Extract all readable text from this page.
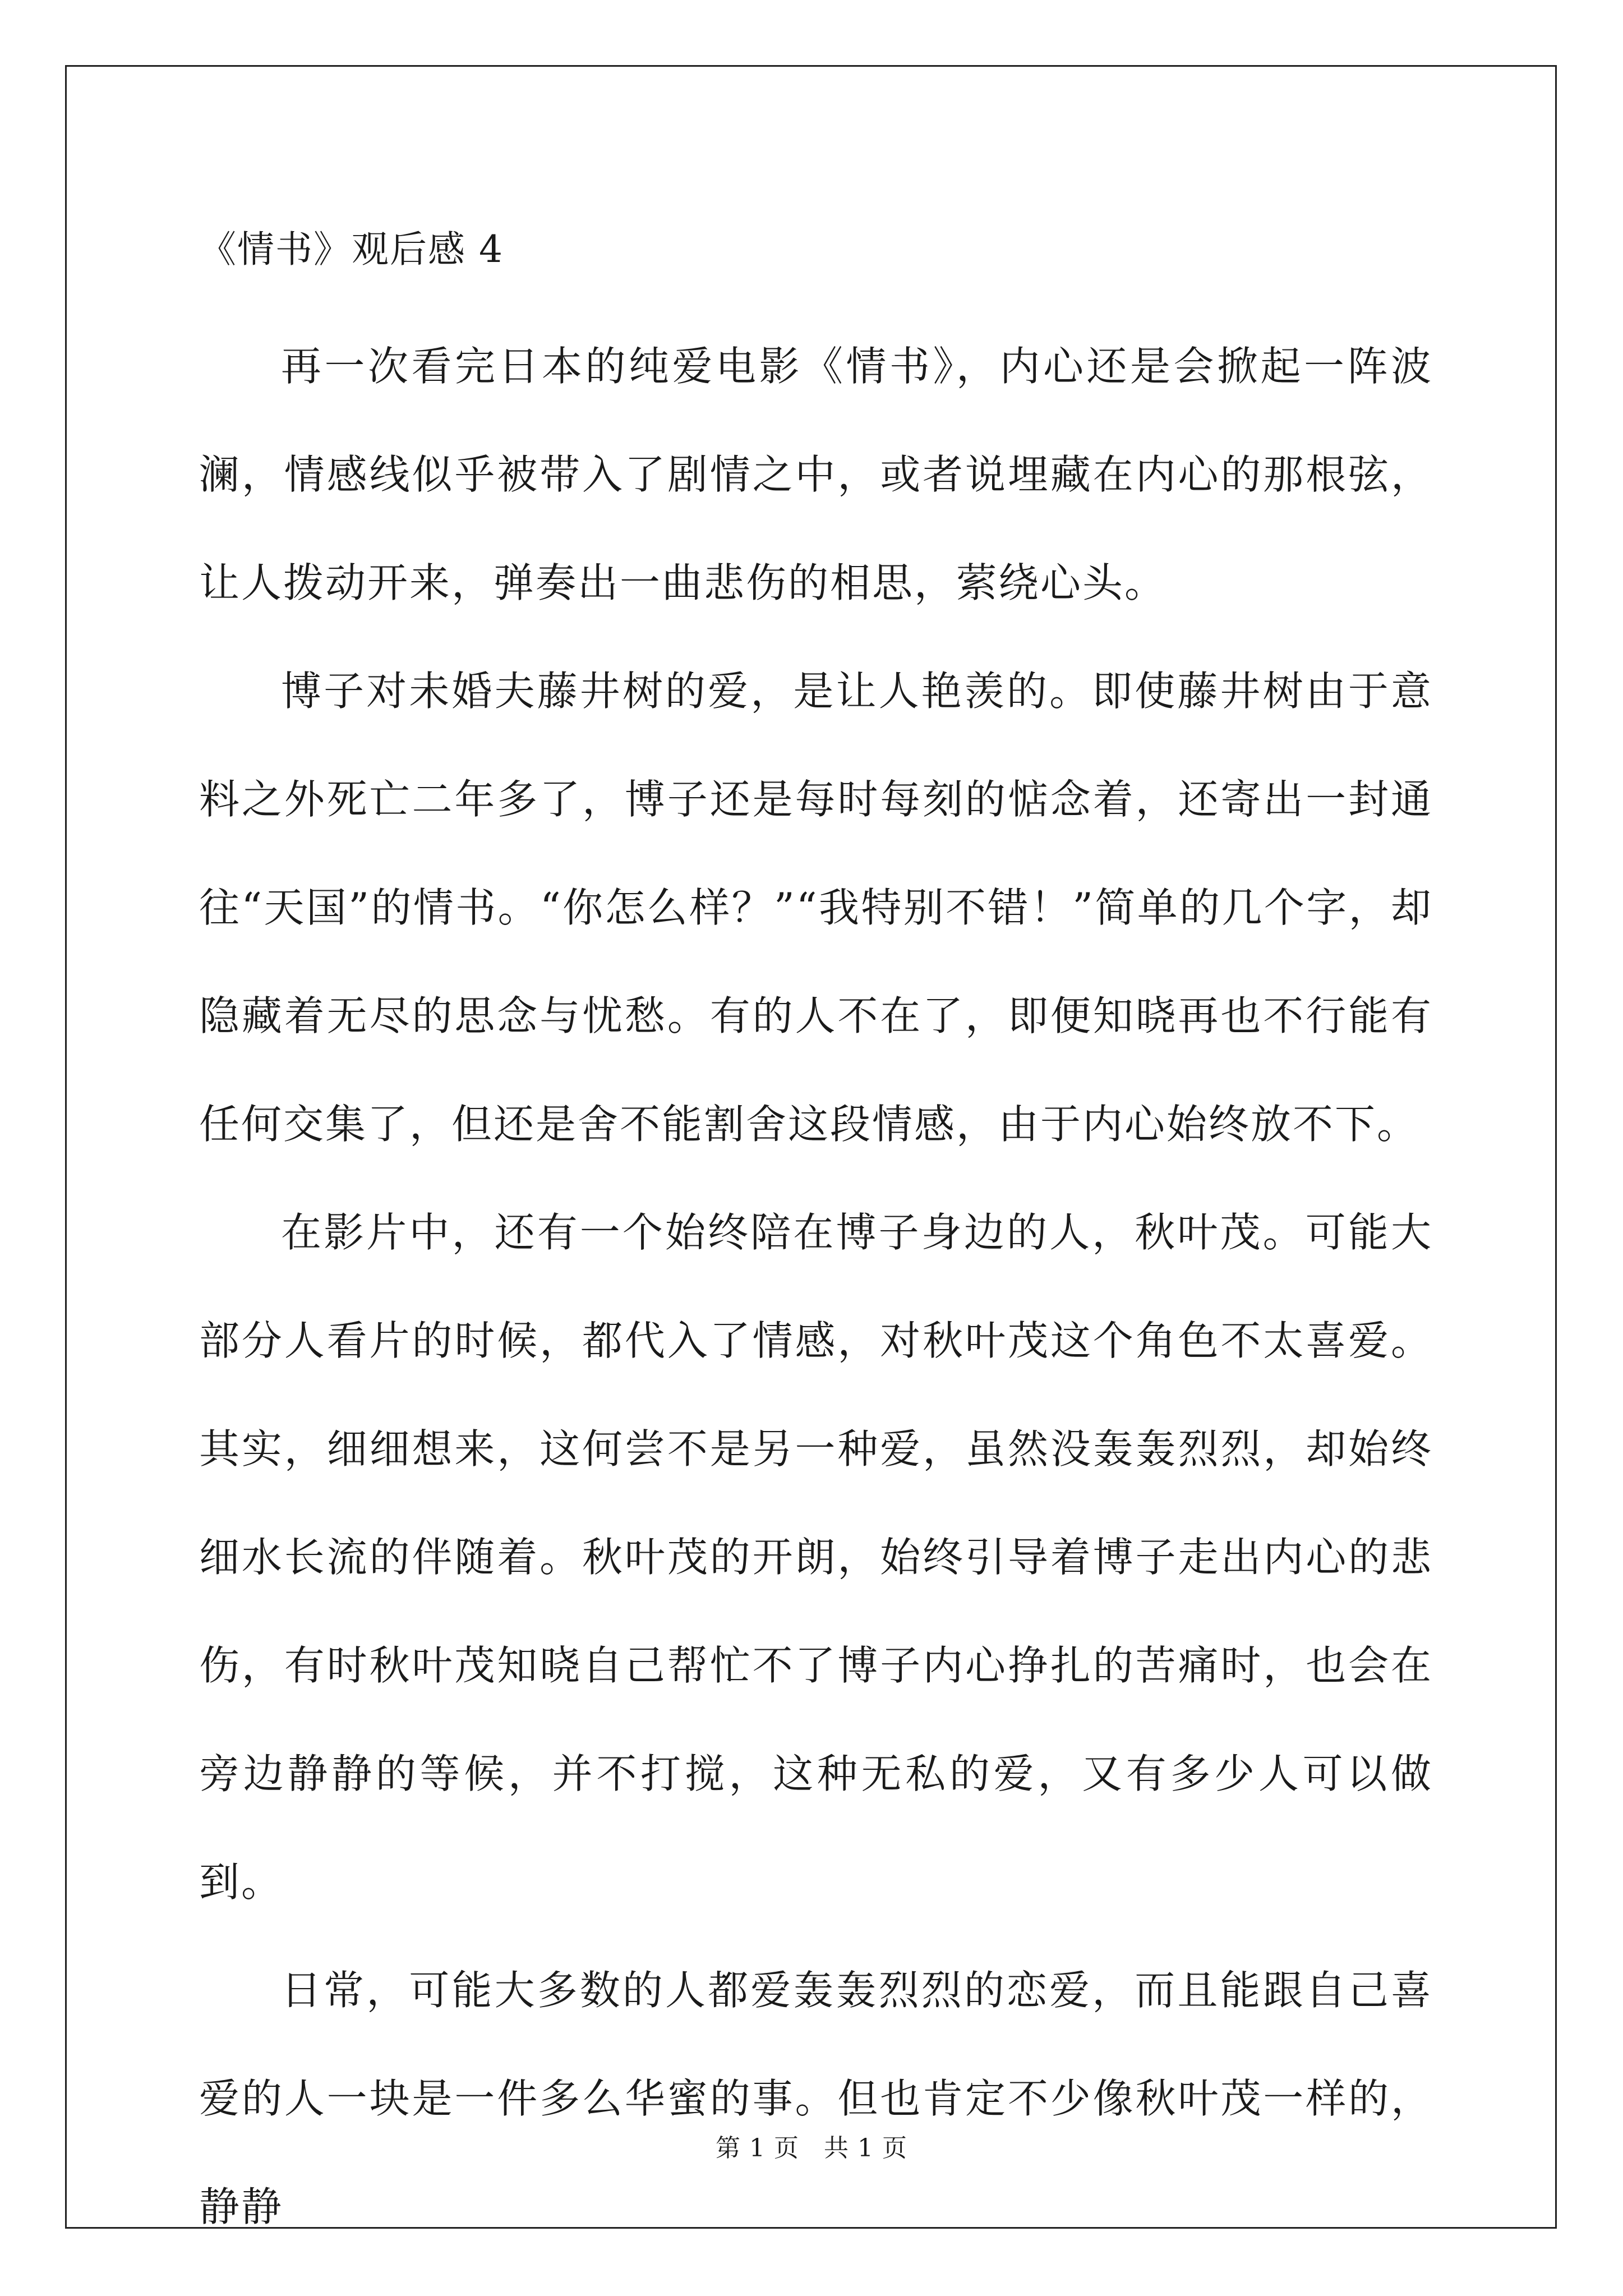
《情书》观后感 4

再一次看完日本的纯爱电影《情书》，内心还是会掀起一阵波澜，情感线似乎被带入了剧情之中，或者说埋藏在内心的那根弦，让人拨动开来，弹奏出一曲悲伤的相思，萦绕心头。

博子对未婚夫藤井树的爱，是让人艳羡的。即使藤井树由于意料之外死亡二年多了，博子还是每时每刻的惦念着，还寄出一封通往“天国”的情书。“你怎么样？”“我特别不错！”简单的几个字，却隐藏着无尽的思念与忧愁。有的人不在了，即便知晓再也不行能有任何交集了，但还是舍不能割舍这段情感，由于内心始终放不下。

在影片中，还有一个始终陪在博子身边的人，秋叶茂。可能大部分人看片的时候，都代入了情感，对秋叶茂这个角色不太喜爱。其实，细细想来，这何尝不是另一种爱，虽然没轰轰烈烈，却始终细水长流的伴随着。秋叶茂的开朗，始终引导着博子走出内心的悲伤，有时秋叶茂知晓自己帮忙不了博子内心挣扎的苦痛时，也会在旁边静静的等候，并不打搅，这种无私的爱，又有多少人可以做到。

日常，可能大多数的人都爱轰轰烈烈的恋爱，而且能跟自己喜爱的人一块是一件多么华蜜的事。但也肯定不少像秋叶茂一样的，静静

第 1 页 共 1 页
